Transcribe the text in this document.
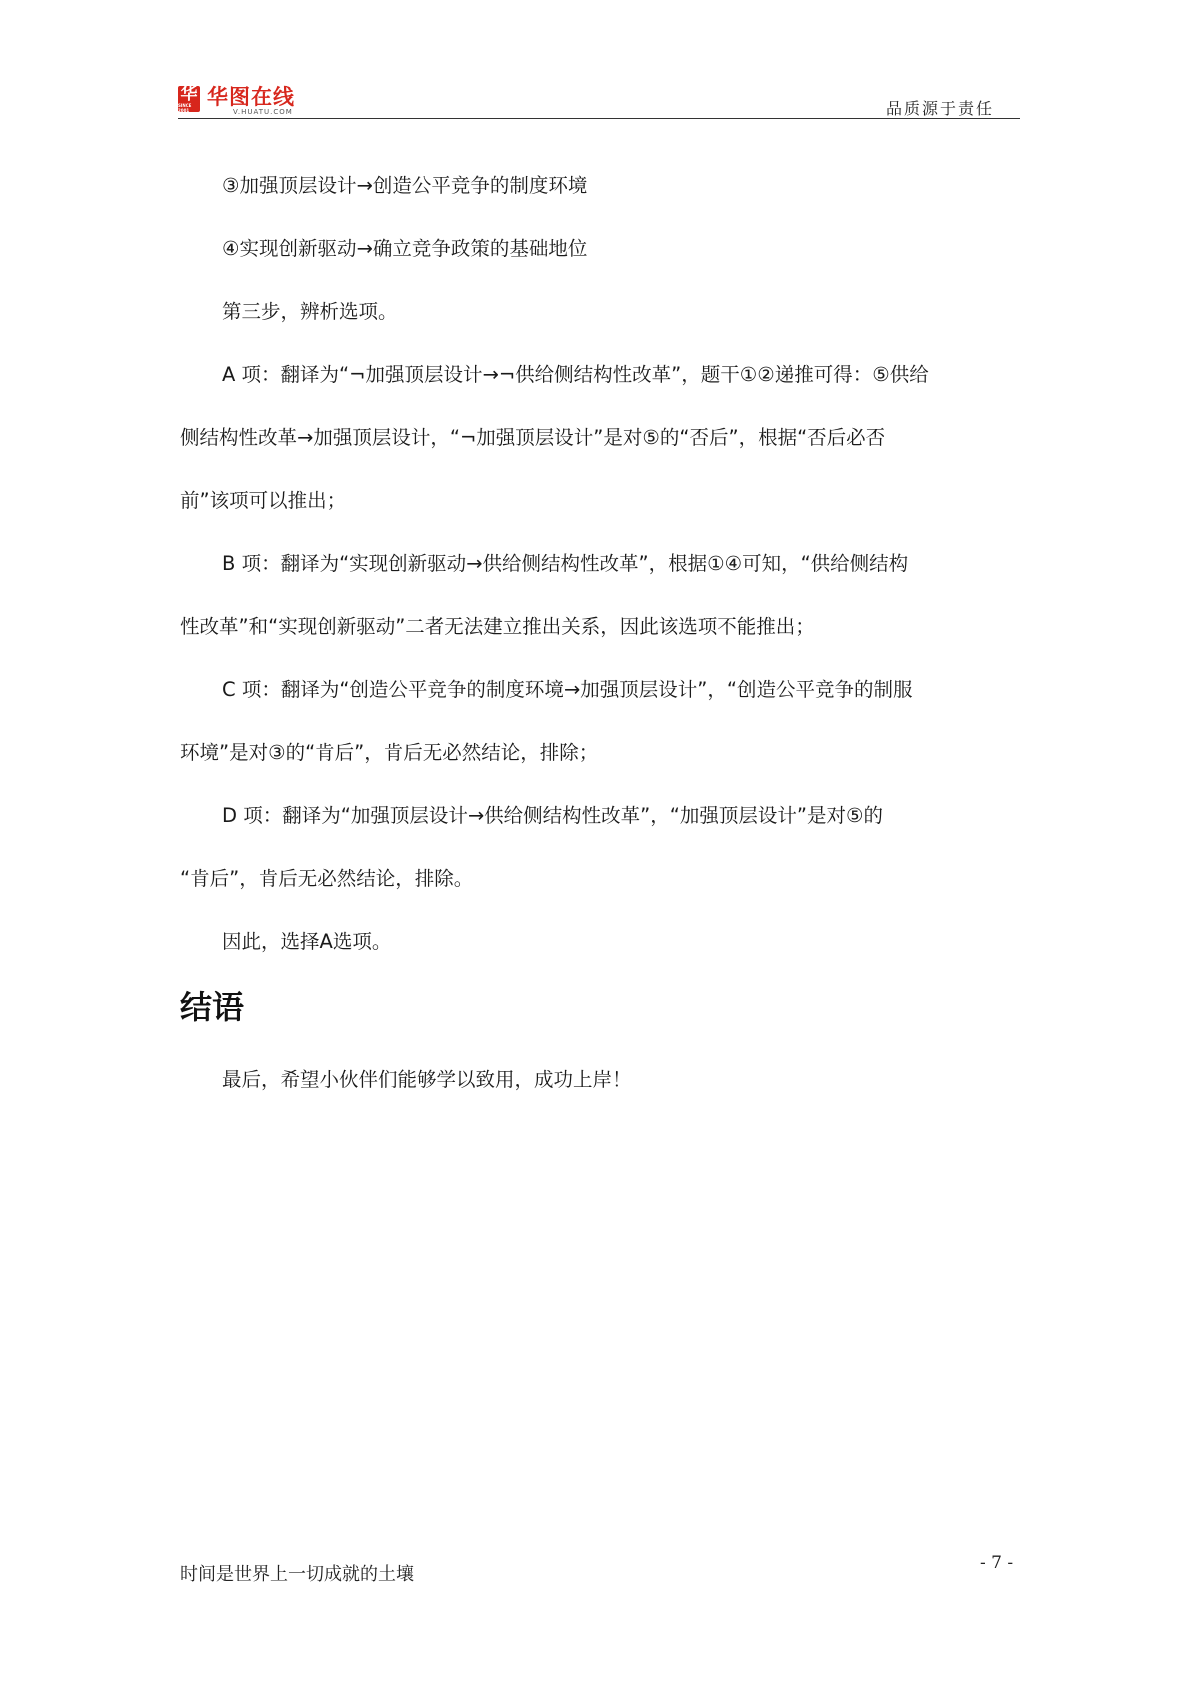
华
SINCE 2001
华图在线
V.HUATU.COM	品质源于责任

③加强顶层设计→创造公平竞争的制度环境

④实现创新驱动→确立竞争政策的基础地位

第三步，辨析选项。

A 项：翻译为“¬加强顶层设计→¬供给侧结构性改革”，题干①②递推可得：⑤供给

侧结构性改革→加强顶层设计，“¬加强顶层设计”是对⑤的“否后”，根据“否后必否

前”该项可以推出；

B 项：翻译为“实现创新驱动→供给侧结构性改革”，根据①④可知，“供给侧结构

性改革”和“实现创新驱动”二者无法建立推出关系，因此该选项不能推出；

C 项：翻译为“创造公平竞争的制度环境→加强顶层设计”，“创造公平竞争的制服

环境”是对③的“肯后”，肯后无必然结论，排除；

D 项：翻译为“加强顶层设计→供给侧结构性改革”，“加强顶层设计”是对⑤的

“肯后”，肯后无必然结论，排除。

因此，选择A选项。

结语
最后，希望小伙伴们能够学以致用，成功上岸！
时间是世界上一切成就的土壤
- 7 -
